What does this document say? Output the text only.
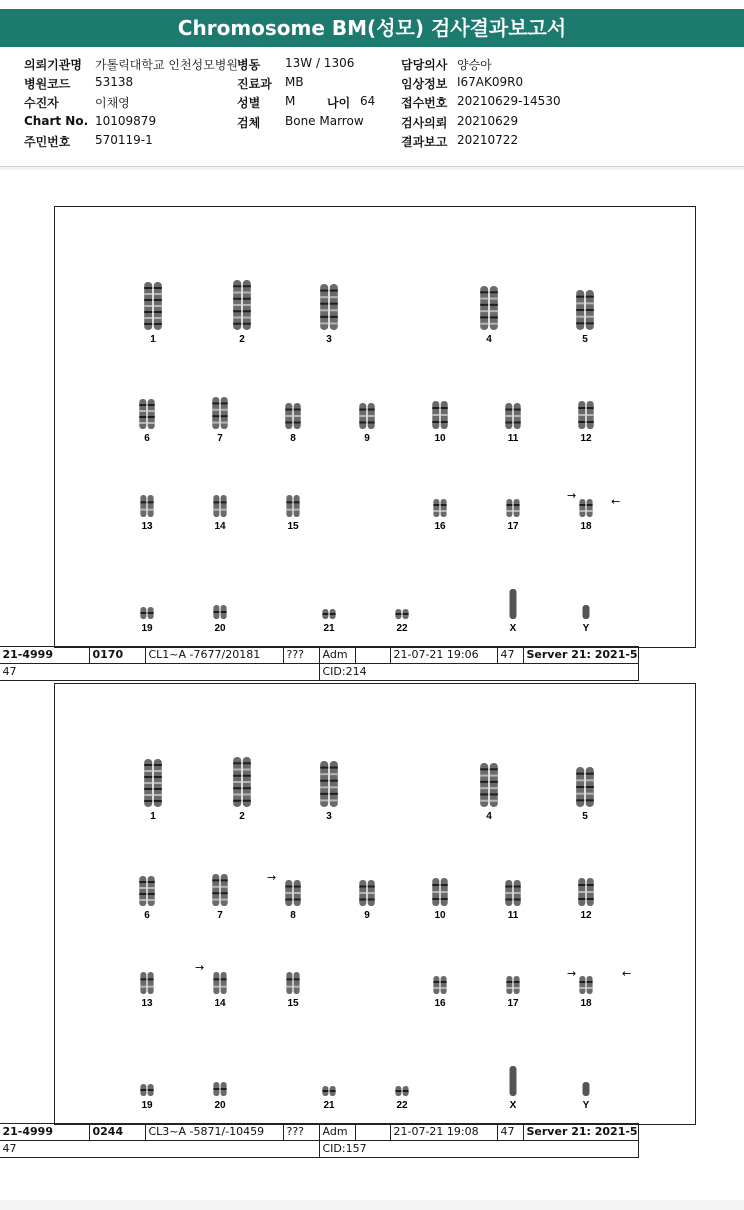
Chromosome BM(성모) 검사결과보고서
의뢰기관명 가톨릭대학교 인천성모병원 병동 13W / 1306	담당의사 양승아
병원코드 53138	진료과 MB	임상정보 I67AK09R0
수진자	이채영	성별 M	나이 64 접수번호 20210629-14530
Chart No. 10109879	검체 Bone Marrow	검사의뢰 20210629
주민번호 570119-1	결과보고 20210722
1	2	3	4	5
6	7	8	9	10	11	12
13	14	15	16	17	18
19	20	21	22	X	Y
→	←
21-4999	0170	CL1~A -7677/20181	???	Adm	21-07-21 19:06	47	Server 21: 2021-5
47	CID:214
1	2	3	4	5
6	7	8	9	10	11	12
13	14	15	16	17	18
19	20	21	22	X	Y
→
→	→	←
21-4999	0244	CL3~A -5871/-10459	???	Adm	21-07-21 19:08	47	Server 21: 2021-5
47	CID:157
